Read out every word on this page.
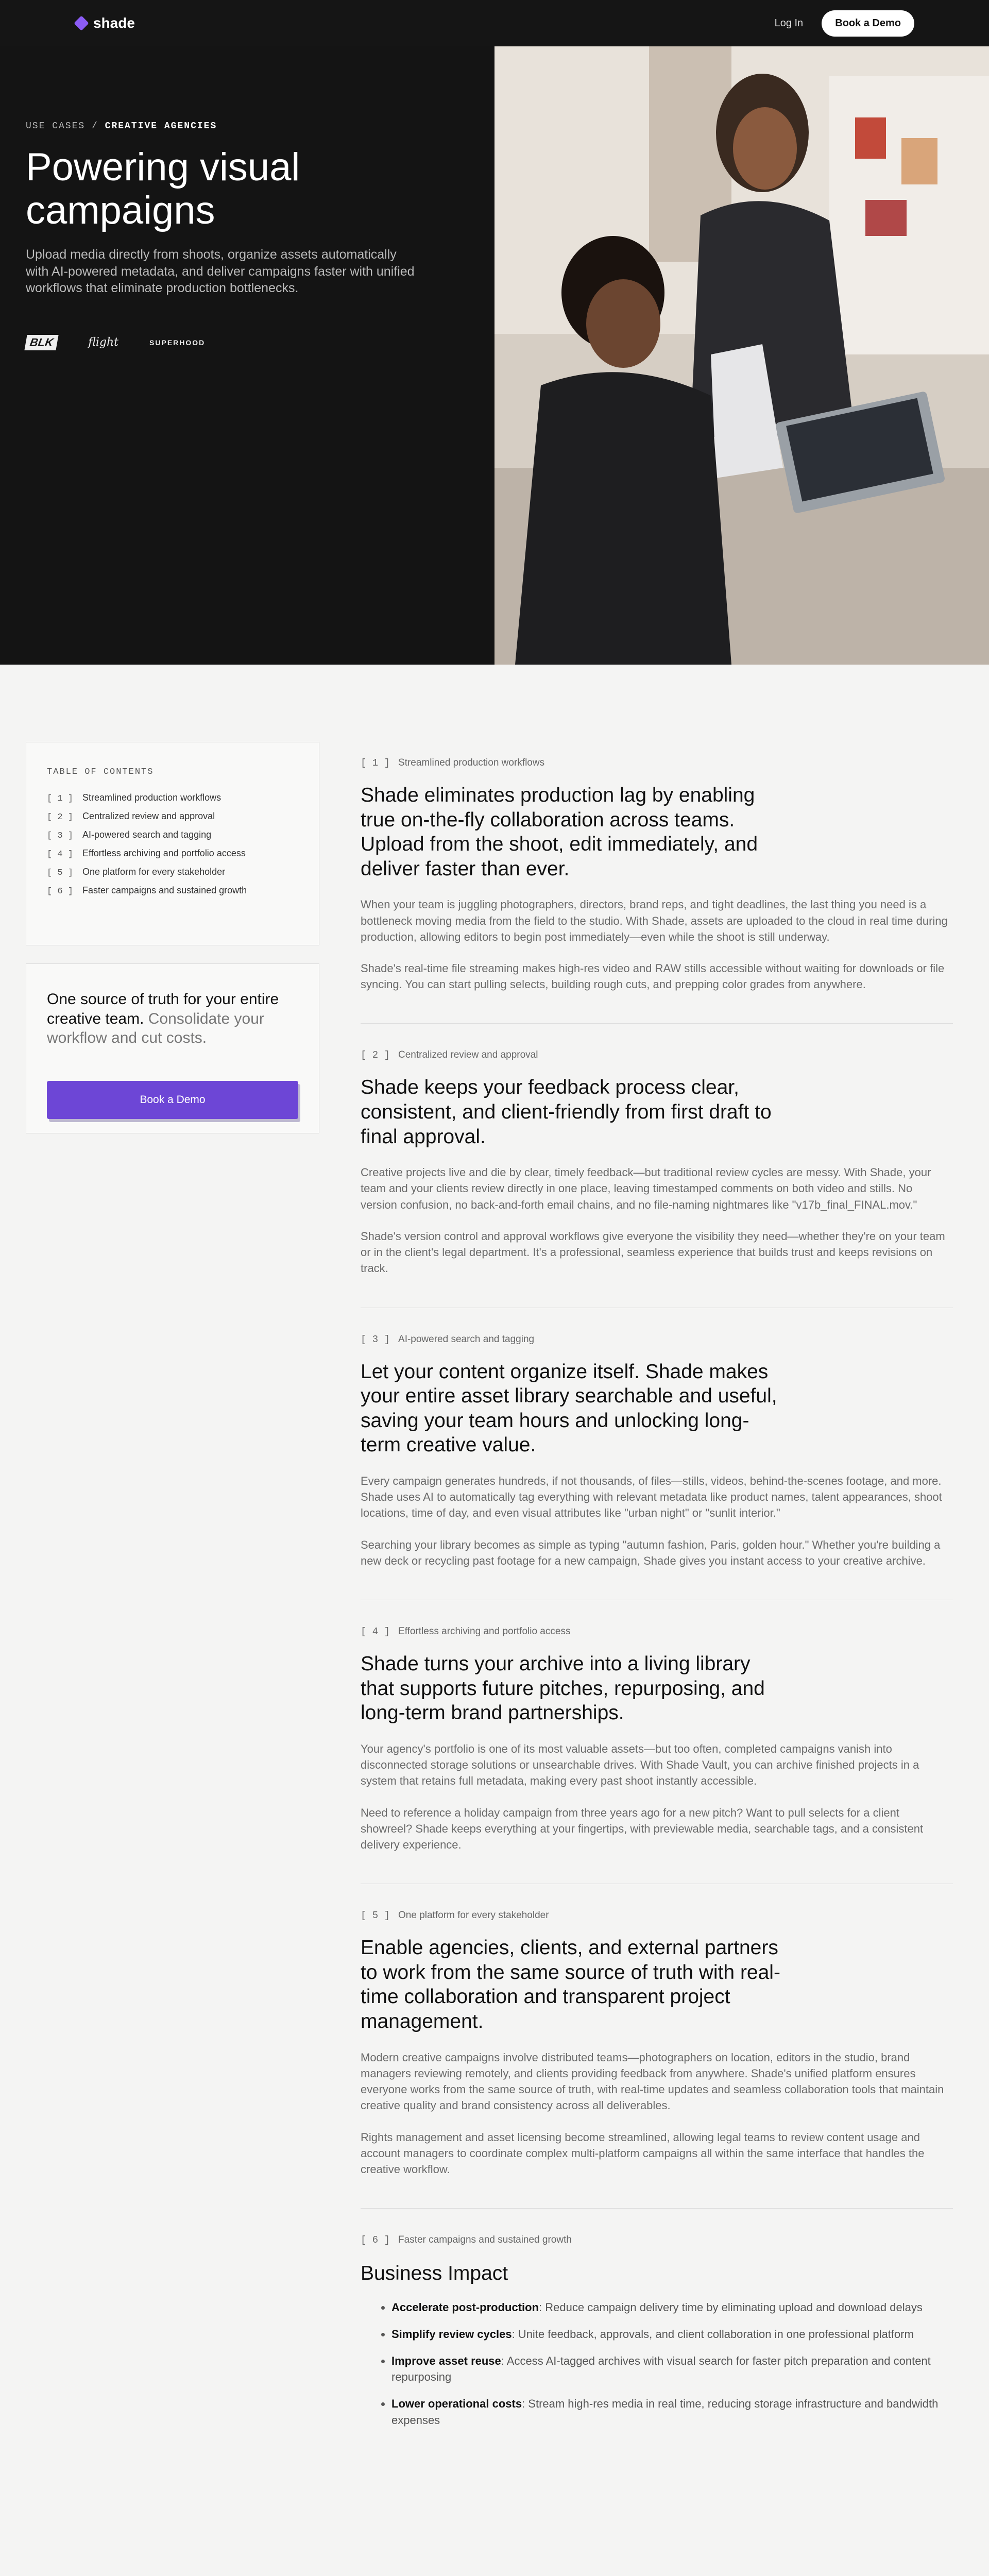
USE CASES / CREATIVE AGENCIES
Powering visual campaigns

Upload media directly from shoots, organize assets automatically with AI-powered metadata, and deliver campaigns faster with unified workflows that eliminate production bottlenecks.

BLK	flight	SUPERHOOD
shade	Log In	Book a Demo
TABLE OF CONTENTS
[ 1 ] Streamlined production workflows
[ 2 ] Centralized review and approval
[ 3 ] AI-powered search and tagging
[ 4 ] Effortless archiving and portfolio access
[ 5 ] One platform for every stakeholder
[ 6 ] Faster campaigns and sustained growth
One source of truth for your entire creative team. Consolidate your workflow and cut costs.
Book a Demo
[ 1 ] Streamlined production workflows
Shade eliminates production lag by enabling true on-the-fly collaboration across teams. Upload from the shoot, edit immediately, and deliver faster than ever.

When your team is juggling photographers, directors, brand reps, and tight deadlines, the last thing you need is a bottleneck moving media from the field to the studio. With Shade, assets are uploaded to the cloud in real time during production, allowing editors to begin post immediately—even while the shoot is still underway.

Shade's real-time file streaming makes high-res video and RAW stills accessible without waiting for downloads or file syncing. You can start pulling selects, building rough cuts, and prepping color grades from anywhere.

[ 2 ] Centralized review and approval
Shade keeps your feedback process clear, consistent, and client-friendly from first draft to final approval.

Creative projects live and die by clear, timely feedback—but traditional review cycles are messy. With Shade, your team and your clients review directly in one place, leaving timestamped comments on both video and stills. No version confusion, no back-and-forth email chains, and no file-naming nightmares like "v17b_final_FINAL.mov."

Shade's version control and approval workflows give everyone the visibility they need—whether they're on your team or in the client's legal department. It's a professional, seamless experience that builds trust and keeps revisions on track.

[ 3 ] AI-powered search and tagging
Let your content organize itself. Shade makes your entire asset library searchable and useful, saving your team hours and unlocking long-term creative value.

Every campaign generates hundreds, if not thousands, of files—stills, videos, behind-the-scenes footage, and more. Shade uses AI to automatically tag everything with relevant metadata like product names, talent appearances, shoot locations, time of day, and even visual attributes like "urban night" or "sunlit interior."

Searching your library becomes as simple as typing "autumn fashion, Paris, golden hour." Whether you're building a new deck or recycling past footage for a new campaign, Shade gives you instant access to your creative archive.

[ 4 ] Effortless archiving and portfolio access
Shade turns your archive into a living library that supports future pitches, repurposing, and long-term brand partnerships.

Your agency's portfolio is one of its most valuable assets—but too often, completed campaigns vanish into disconnected storage solutions or unsearchable drives. With Shade Vault, you can archive finished projects in a system that retains full metadata, making every past shoot instantly accessible.

Need to reference a holiday campaign from three years ago for a new pitch? Want to pull selects for a client showreel? Shade keeps everything at your fingertips, with previewable media, searchable tags, and a consistent delivery experience.

[ 5 ] One platform for every stakeholder
Enable agencies, clients, and external partners to work from the same source of truth with real-time collaboration and transparent project management.

Modern creative campaigns involve distributed teams—photographers on location, editors in the studio, brand managers reviewing remotely, and clients providing feedback from anywhere. Shade's unified platform ensures everyone works from the same source of truth, with real-time updates and seamless collaboration tools that maintain creative quality and brand consistency across all deliverables.

Rights management and asset licensing become streamlined, allowing legal teams to review content usage and account managers to coordinate complex multi-platform campaigns all within the same interface that handles the creative workflow.

[ 6 ] Faster campaigns and sustained growth
Business Impact
• Accelerate post-production: Reduce campaign delivery time by eliminating upload and download delays
• Simplify review cycles: Unite feedback, approvals, and client collaboration in one professional platform
• Improve asset reuse: Access AI-tagged archives with visual search for faster pitch preparation and content repurposing
• Lower operational costs: Stream high-res media in real time, reducing storage infrastructure and bandwidth expenses
